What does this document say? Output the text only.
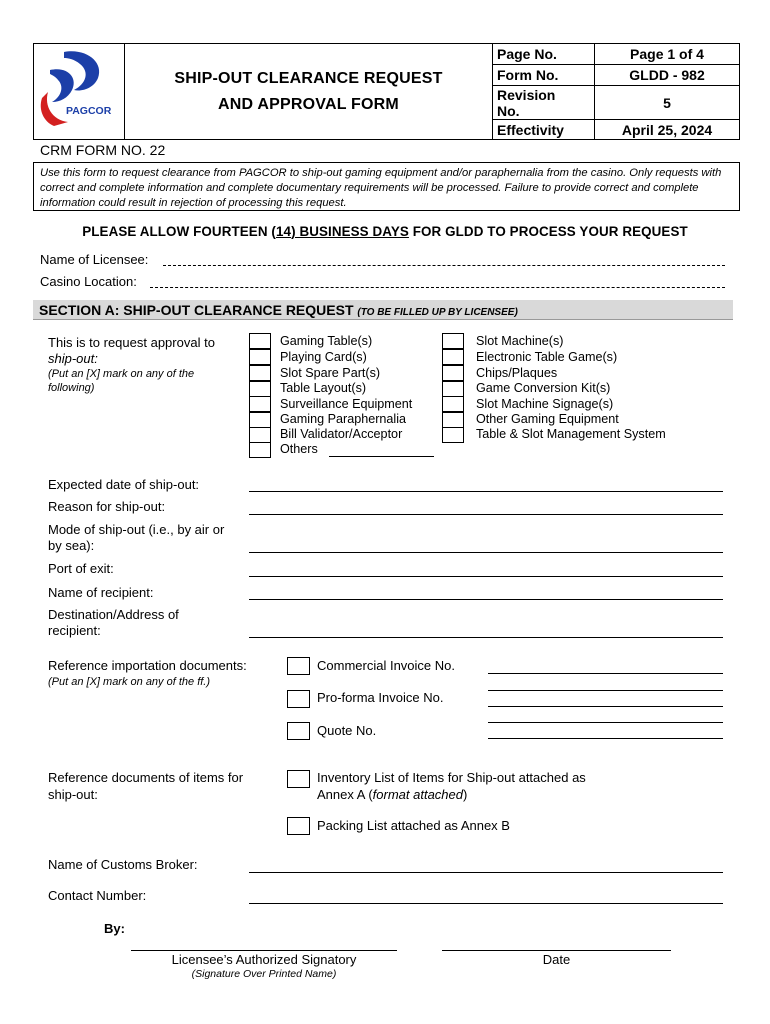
PAGCOR
SHIP-OUT CLEARANCE REQUEST
AND APPROVAL FORM
Page No.	Page 1 of 4
Form No.	GLDD - 982
Revision No.	5
Effectivity	April 25, 2024
CRM FORM NO. 22
Use this form to request clearance from PAGCOR to ship-out gaming equipment and/or paraphernalia from the casino. Only requests with correct and complete information and complete documentary requirements will be processed. Failure to provide correct and complete information could result in rejection of processing this request.
PLEASE ALLOW FOURTEEN (14) BUSINESS DAYS FOR GLDD TO PROCESS YOUR REQUEST
Name of Licensee:
Casino Location:
SECTION A: SHIP-OUT CLEARANCE REQUEST (TO BE FILLED UP BY LICENSEE)
This is to request approval to
ship-out:
(Put an [X] mark on any of the
following)
Gaming Table(s)
Playing Card(s)
Slot Spare Part(s)
Table Layout(s)
Surveillance Equipment
Gaming Paraphernalia
Bill Validator/Acceptor
Others
Slot Machine(s)
Electronic Table Game(s)
Chips/Plaques
Game Conversion Kit(s)
Slot Machine Signage(s)
Other Gaming Equipment
Table & Slot Management System
Expected date of ship-out:
Reason for ship-out:
Mode of ship-out (i.e., by air or
by sea):
Port of exit:
Name of recipient:
Destination/Address of
recipient:
Reference importation documents:
(Put an [X] mark on any of the ff.)
Commercial Invoice No.
Pro-forma Invoice No.
Quote No.
Reference documents of items for
ship-out:
Inventory List of Items for Ship-out attached as
Annex A (format attached)
Packing List attached as Annex B
Name of Customs Broker:
Contact Number:
By:
Licensee’s Authorized Signatory
(Signature Over Printed Name)
Date
